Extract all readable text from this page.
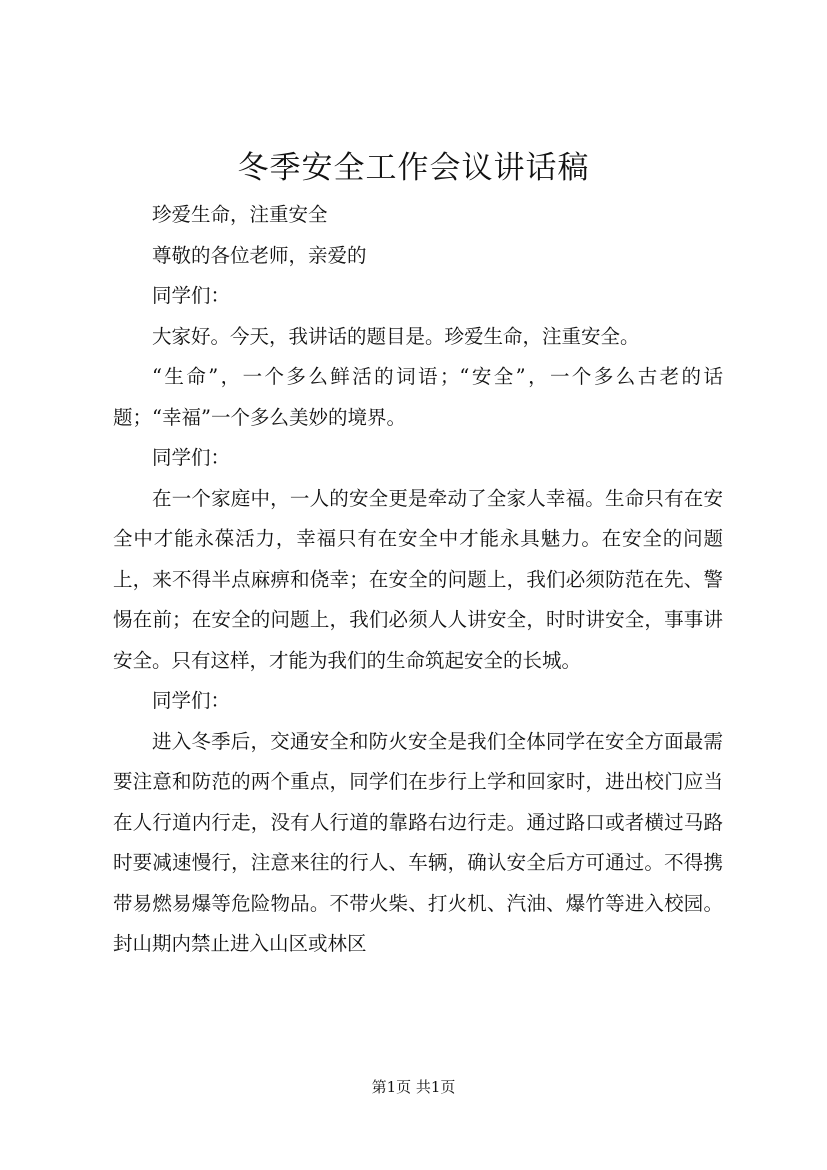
冬季安全工作会议讲话稿

珍爱生命，注重安全

尊敬的各位老师，亲爱的

同学们：

大家好。今天，我讲话的题目是。珍爱生命，注重安全。

“生命”，一个多么鲜活的词语；“安全”，一个多么古老的话题；“幸福”一个多么美妙的境界。

同学们：

在一个家庭中，一人的安全更是牵动了全家人幸福。生命只有在安全中才能永葆活力，幸福只有在安全中才能永具魅力。在安全的问题上，来不得半点麻痹和侥幸；在安全的问题上，我们必须防范在先、警惕在前；在安全的问题上，我们必须人人讲安全，时时讲安全，事事讲安全。只有这样，才能为我们的生命筑起安全的长城。

同学们：

进入冬季后，交通安全和防火安全是我们全体同学在安全方面最需要注意和防范的两个重点，同学们在步行上学和回家时，进出校门应当在人行道内行走，没有人行道的靠路右边行走。通过路口或者横过马路时要减速慢行，注意来往的行人、车辆，确认安全后方可通过。不得携带易燃易爆等危险物品。不带火柴、打火机、汽油、爆竹等进入校园。封山期内禁止进入山区或林区

第1页 共1页
